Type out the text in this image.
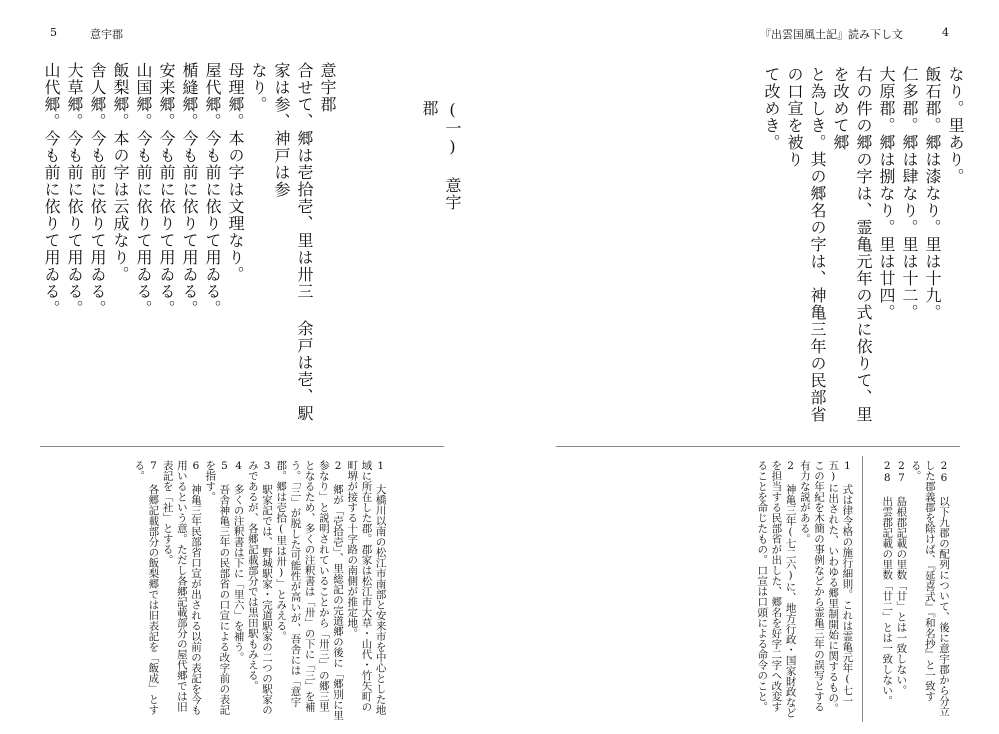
4
『出雲国風土記』読み下し文
なり。里あり。
飯石郡。郷は漆なり。里は十九。
仁多郡。郷は肆なり。里は十二。
大原郡。郷は捌なり。里は廿四。
右の件の郷の字は、霊亀元年の式に依りて、里を改めて郷
と為しき。其の郷名の字は、神亀三年の民部省の口宣を被り
て改めき。

26 以下九郡の配列について、後に意宇郡から分立した郡義郡を除けば、『延喜式』『和名抄』と一致する。

27 島根郡記載の里数「廿」とは一致しない。

28 出雲郡記載の里数「廿二」とは一致しない。

1 式は律令格の施行細則。これは霊亀元年(七一五)に出された、いわゆる郷里制開始に関するもの。この年紀を木簡の事例などから霊亀三年の誤写とする有力な説がある。

2 神亀三年(七二六)に、地方行政・国家財政などを担当する民部省が出した、郷名を好字二字へ改変することを命じたもの。口宣は口頭による命令のこと。

5	意宇郡
(一) 意宇郡
意宇郡
合せて、郷は壱拾壱、里は卅三 余戸は壱、駅家は参、神戸は参
なり。
母理郷。本の字は文理なり。
屋代郷。今も前に依りて用ゐる。
楯縫郷。今も前に依りて用ゐる。
安来郷。今も前に依りて用ゐる。
山国郷。今も前に依りて用ゐる。
飯梨郷。本の字は云成なり。
舎人郷。今も前に依りて用ゐる。
大草郷。今も前に依りて用ゐる。
山代郷。今も前に依りて用ゐる。

1 大橋川以南の松江市南部と安来市を中心とした地域に所在した郡。郡家は松江市大草・山代・竹矢町の町堺が接する十字路の南側が推定地。

2 郷が「壱拾壱」、里総記の完道郷の後に「郷別に里参なり」と説明されていることから「卅三」の郷三里となるため、多くの注釈書は「卅」の下に「三」を補う。「三」が脱した可能性が高いが、吾舎には「意宇郡。郷は壱拾(里は卅)」とみえる。

3 駅家記では、野城駅家・完道駅家の二つの駅家のみであるが、各郷記載部分では黒田駅もみえる。

4 多くの注釈書は下に「里六」を補う。

5 吾舎神亀三年の民部省の口宣による改字前の表記を指す。

6 神亀三年民部省口宣が出される以前の表記を今も用いるという意。ただし各郷記載部分の屋代郷では旧表記を「社」とする。

7 各郷記載部分の飯梨郷では旧表記を「飯成」とする。
